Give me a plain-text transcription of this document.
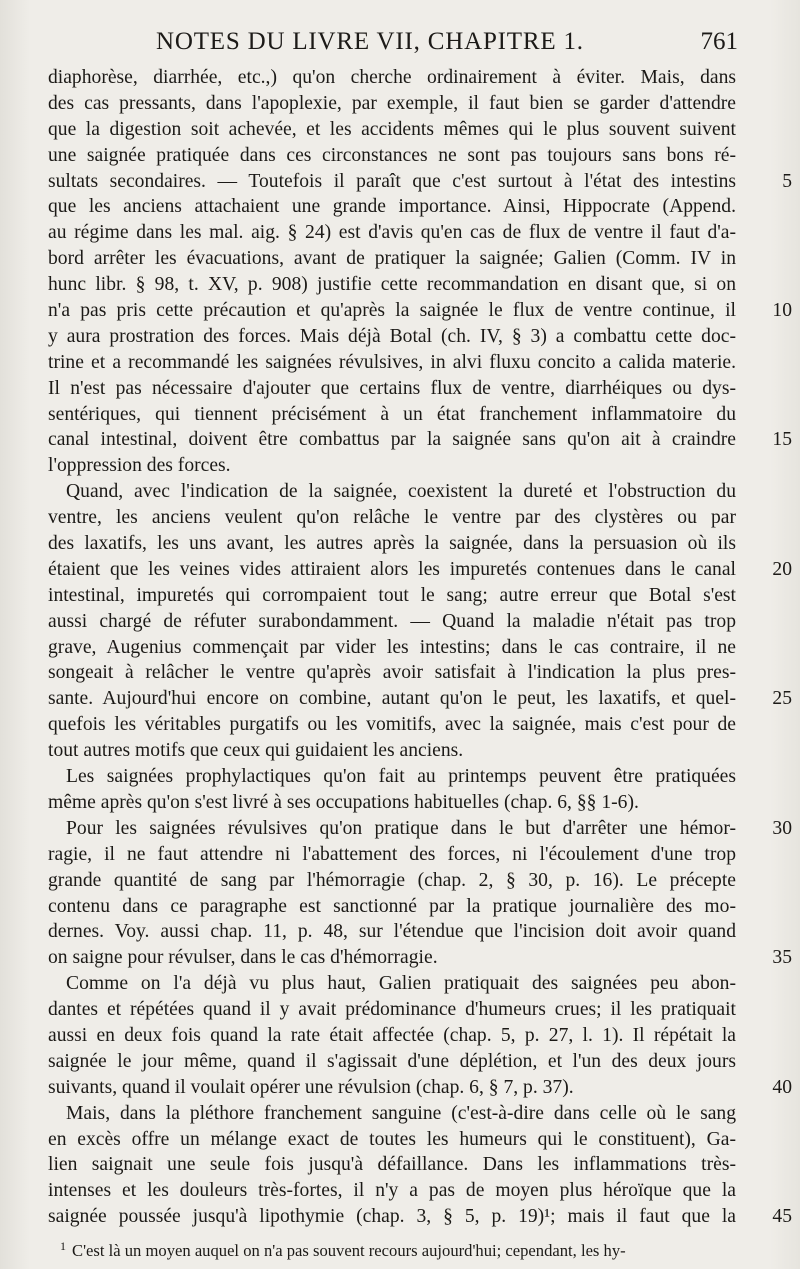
NOTES DU LIVRE VII, CHAPITRE 1.	761
diaphorèse, diarrhée, etc.,) qu'on cherche ordinairement à éviter. Mais, dans
des cas pressants, dans l'apoplexie, par exemple, il faut bien se garder d'attendre
que la digestion soit achevée, et les accidents mêmes qui le plus souvent suivent
une saignée pratiquée dans ces circonstances ne sont pas toujours sans bons ré-
sultats secondaires. — Toutefois il paraît que c'est surtout à l'état des intestins	5
que les anciens attachaient une grande importance. Ainsi, Hippocrate (Append.
au régime dans les mal. aig. § 24) est d'avis qu'en cas de flux de ventre il faut d'a-
bord arrêter les évacuations, avant de pratiquer la saignée; Galien (Comm. IV in
hunc libr. § 98, t. XV, p. 908) justifie cette recommandation en disant que, si on
n'a pas pris cette précaution et qu'après la saignée le flux de ventre continue, il	10
y aura prostration des forces. Mais déjà Botal (ch. IV, § 3) a combattu cette doc-
trine et a recommandé les saignées révulsives, in alvi fluxu concito a calida materie.
Il n'est pas nécessaire d'ajouter que certains flux de ventre, diarrhéiques ou dys-
sentériques, qui tiennent précisément à un état franchement inflammatoire du
canal intestinal, doivent être combattus par la saignée sans qu'on ait à craindre	15
l'oppression des forces.
Quand, avec l'indication de la saignée, coexistent la dureté et l'obstruction du
ventre, les anciens veulent qu'on relâche le ventre par des clystères ou par
des laxatifs, les uns avant, les autres après la saignée, dans la persuasion où ils
étaient que les veines vides attiraient alors les impuretés contenues dans le canal	20
intestinal, impuretés qui corrompaient tout le sang; autre erreur que Botal s'est
aussi chargé de réfuter surabondamment. — Quand la maladie n'était pas trop
grave, Augenius commençait par vider les intestins; dans le cas contraire, il ne
songeait à relâcher le ventre qu'après avoir satisfait à l'indication la plus pres-
sante. Aujourd'hui encore on combine, autant qu'on le peut, les laxatifs, et quel-	25
quefois les véritables purgatifs ou les vomitifs, avec la saignée, mais c'est pour de
tout autres motifs que ceux qui guidaient les anciens.
Les saignées prophylactiques qu'on fait au printemps peuvent être pratiquées
même après qu'on s'est livré à ses occupations habituelles (chap. 6, §§ 1-6).
Pour les saignées révulsives qu'on pratique dans le but d'arrêter une hémor-	30
ragie, il ne faut attendre ni l'abattement des forces, ni l'écoulement d'une trop
grande quantité de sang par l'hémorragie (chap. 2, § 30, p. 16). Le précepte
contenu dans ce paragraphe est sanctionné par la pratique journalière des mo-
dernes. Voy. aussi chap. 11, p. 48, sur l'étendue que l'incision doit avoir quand
on saigne pour révulser, dans le cas d'hémorragie.	35
Comme on l'a déjà vu plus haut, Galien pratiquait des saignées peu abon-
dantes et répétées quand il y avait prédominance d'humeurs crues; il les pratiquait
aussi en deux fois quand la rate était affectée (chap. 5, p. 27, l. 1). Il répétait la
saignée le jour même, quand il s'agissait d'une déplétion, et l'un des deux jours
suivants, quand il voulait opérer une révulsion (chap. 6, § 7, p. 37).	40
Mais, dans la pléthore franchement sanguine (c'est-à-dire dans celle où le sang
en excès offre un mélange exact de toutes les humeurs qui le constituent), Ga-
lien saignait une seule fois jusqu'à défaillance. Dans les inflammations très-
intenses et les douleurs très-fortes, il n'y a pas de moyen plus héroïque que la
saignée poussée jusqu'à lipothymie (chap. 3, § 5, p. 19)¹; mais il faut que la	45
$^1$ C'est là un moyen auquel on n'a pas souvent recours aujourd'hui; cependant, les hy-
